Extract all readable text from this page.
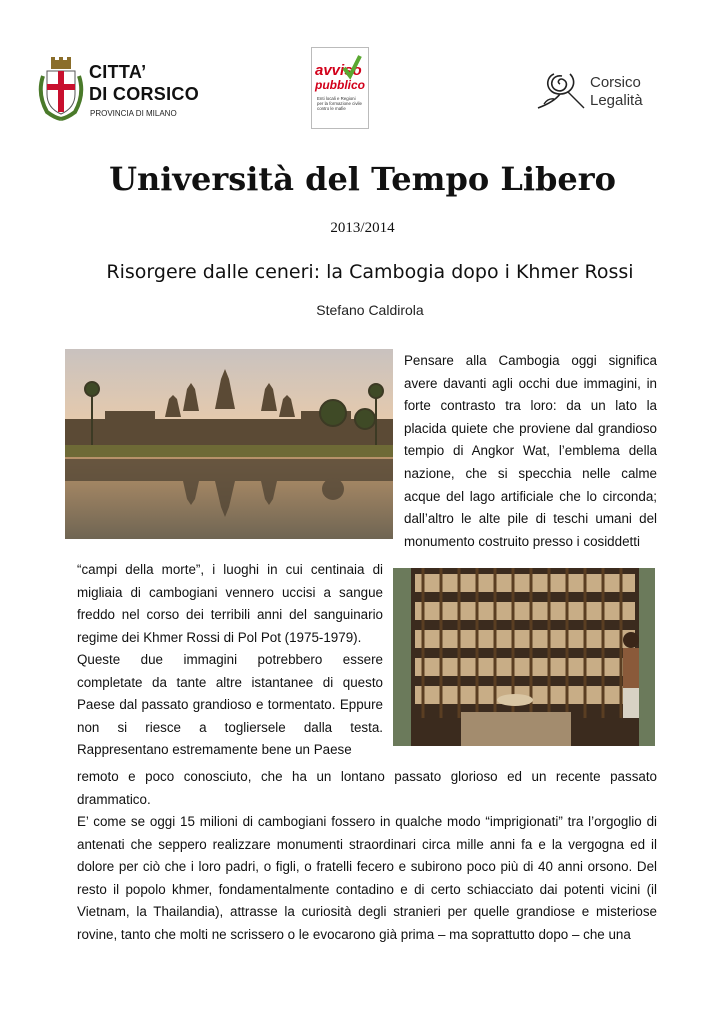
CITTA’
DI CORSICO
PROVINCIA DI MILANO
avviso
pubblico
Enti locali e Regioni per la formazione civile contro le mafie
Corsico
Legalità
Università del Tempo Libero
2013/2014
Risorgere dalle ceneri: la Cambogia dopo i Khmer Rossi
Stefano Caldirola
Pensare alla Cambogia oggi significa avere davanti agli occhi due immagini, in forte contrasto tra loro: da un lato la placida quiete che proviene dal grandioso tempio di Angkor Wat, l’emblema della nazione, che si specchia nelle calme acque del lago artificiale che lo circonda; dall’altro le alte pile di teschi umani del monumento costruito presso i cosiddetti
“campi della morte”, i luoghi in cui centinaia di migliaia di cambogiani vennero uccisi a sangue freddo nel corso dei terribili anni del sanguinario regime dei Khmer Rossi di Pol Pot (1975-1979).
Queste due immagini potrebbero essere completate da tante altre istantanee di questo Paese dal passato grandioso e tormentato. Eppure non si riesce a togliersele dalla testa. Rappresentano estremamente bene un Paese
remoto e poco conosciuto, che ha un lontano passato glorioso ed un recente passato drammatico.
E’ come se oggi 15 milioni di cambogiani fossero in qualche modo “imprigionati” tra l’orgoglio di antenati che seppero realizzare monumenti straordinari circa mille anni fa e la vergogna ed il dolore per ciò che i loro padri, o figli, o fratelli fecero e subirono poco più di 40 anni orsono. Del resto il popolo khmer, fondamentalmente contadino e di certo schiacciato dai potenti vicini (il Vietnam, la Thailandia), attrasse la curiosità degli stranieri per quelle grandiose e misteriose rovine, tanto che molti ne scrissero o le evocarono già prima – ma soprattutto dopo – che una
